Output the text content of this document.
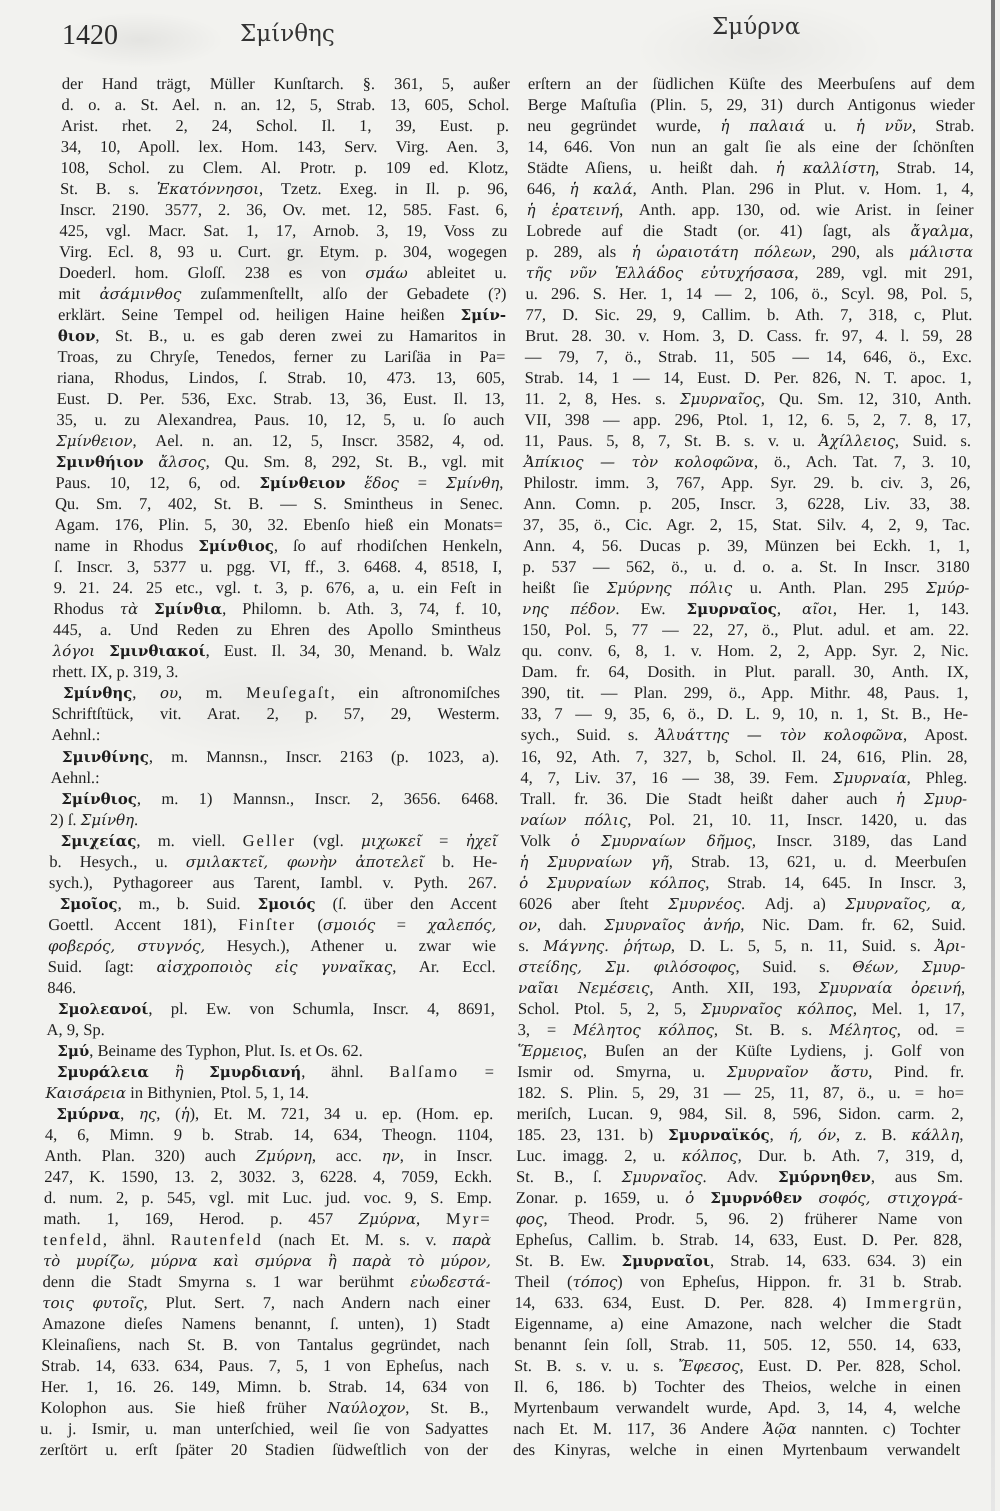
1420	Σμίνθης	Σμύρνα
der Hand trägt, Müller Kunſtarch. §. 361, 5, außer
d. o. a. St. Ael. n. an. 12, 5, Strab. 13, 605, Schol.
Arist. rhet. 2, 24, Schol. Il. 1, 39, Eust. p.
34, 10, Apoll. lex. Hom. 143, Serv. Virg. Aen. 3,
108, Schol. zu Clem. Al. Protr. p. 109 ed. Klotz,
St. B. s. Ἑκατόννησοι, Tzetz. Exeg. in Il. p. 96,
Inscr. 2190. 3577, 2. 36, Ov. met. 12, 585. Fast. 6,
425, vgl. Macr. Sat. 1, 17, Arnob. 3, 19, Voss zu
Virg. Ecl. 8, 93 u. Curt. gr. Etym. p. 304, wogegen
Doederl. hom. Gloſſ. 238 es von σμάω ableitet u.
mit ἀσάμινθος zuſammenſtellt, alſo der Gebadete (?)
erklärt. Seine Tempel od. heiligen Haine heißen Σμίν-
θιον, St. B., u. es gab deren zwei zu Hamaritos in
Troas, zu Chryſe, Tenedos, ferner zu Lariſäa in Pa=
riana, Rhodus, Lindos, ſ. Strab. 10, 473. 13, 605,
Eust. D. Per. 536, Exc. Strab. 13, 36, Eust. Il. 13,
35, u. zu Alexandrea, Paus. 10, 12, 5, u. ſo auch
Σμίνθειον, Ael. n. an. 12, 5, Inscr. 3582, 4, od.
Σμινθήιον ἄλσος, Qu. Sm. 8, 292, St. B., vgl. mit
Paus. 10, 12, 6, od. Σμίνθειον ἕδος = Σμίνθη,
Qu. Sm. 7, 402, St. B. — S. Smintheus in Senec.
Agam. 176, Plin. 5, 30, 32. Ebenſo hieß ein Monats=
name in Rhodus Σμίνθιος, ſo auf rhodiſchen Henkeln,
ſ. Inscr. 3, 5377 u. pgg. VI, ff., 3. 6468. 4, 8518, I,
9. 21. 24. 25 etc., vgl. t. 3, p. 676, a, u. ein Feſt in
Rhodus τὰ Σμίνθια, Philomn. b. Ath. 3, 74, f. 10,
445, a. Und Reden zu Ehren des Apollo Smintheus
λόγοι Σμινθιακοί, Eust. Il. 34, 30, Menand. b. Walz
rhett. IX, p. 319, 3.
Σμίνθης, ου, m. Meuſegaſt, ein aſtronomiſches
Schriftſtück, vit. Arat. 2, p. 57, 29, Westerm.
Aehnl.:
Σμινθίνης, m. Mannsn., Inscr. 2163 (p. 1023, a).
Aehnl.:
Σμίνθιος, m. 1) Mannsn., Inscr. 2, 3656. 6468.
2) ſ. Σμίνθη.
Σμιχείας, m. viell. Geller (vgl. μιχωκεῖ = ἠχεῖ
b. Hesych., u. σμιλακτεῖ, φωνὴν ἀποτελεῖ b. He-
sych.), Pythagoreer aus Tarent, Iambl. v. Pyth. 267.
Σμοῖος, m., b. Suid. Σμοιός (ſ. über den Accent
Goettl. Accent 181), Finſter (σμοιός = χαλεπός,
φοβερός, στυγνός, Hesych.), Athener u. zwar wie
Suid. ſagt: αἰσχροποιὸς εἰς γυναῖκας, Ar. Eccl.
846.
Σμολεανοί, pl. Ew. von Schumla, Inscr. 4, 8691,
A, 9, Sp.
Σμύ, Beiname des Typhon, Plut. Is. et Os. 62.
Σμυράλεια ἢ Σμυρδιανή, ähnl. Balſamo =
Καισάρεια in Bithynien, Ptol. 5, 1, 14.
Σμύρνα, ης, (ἡ), Et. M. 721, 34 u. ep. (Hom. ep.
4, 6, Mimn. 9 b. Strab. 14, 634, Theogn. 1104,
Anth. Plan. 320) auch Ζμύρνη, acc. ην, in Inscr.
247, K. 1590, 13. 2, 3032. 3, 6228. 4, 7059, Eckh.
d. num. 2, p. 545, vgl. mit Luc. jud. voc. 9, S. Emp.
math. 1, 169, Herod. p. 457 Ζμύρνα, Myr=
tenfeld, ähnl. Rautenfeld (nach Et. M. s. v. παρὰ
τὸ μυρίζω, μύρνα καὶ σμύρνα ἢ παρὰ τὸ μύρον,
denn die Stadt Smyrna s. 1 war berühmt εὐωδεστά-
τοις φυτοῖς, Plut. Sert. 7, nach Andern nach einer
Amazone dieſes Namens benannt, ſ. unten), 1) Stadt
Kleinaſiens, nach St. B. von Tantalus gegründet, nach
Strab. 14, 633. 634, Paus. 7, 5, 1 von Epheſus, nach
Her. 1, 16. 26. 149, Mimn. b. Strab. 14, 634 von
Kolophon aus. Sie hieß früher Ναύλοχον, St. B.,
u. j. Ismir, u. man unterſchied, weil ſie von Sadyattes
zerſtört u. erſt ſpäter 20 Stadien ſüdweſtlich von der
erſtern an der ſüdlichen Küſte des Meerbuſens auf dem
Berge Maſtuſia (Plin. 5, 29, 31) durch Antigonus wieder
neu gegründet wurde, ἡ παλαιά u. ἡ νῦν, Strab.
14, 646. Von nun an galt ſie als eine der ſchönſten
Städte Aſiens, u. heißt dah. ἡ καλλίστη, Strab. 14,
646, ἡ καλά, Anth. Plan. 296 in Plut. v. Hom. 1, 4,
ἡ ἐρατεινή, Anth. app. 130, od. wie Arist. in ſeiner
Lobrede auf die Stadt (or. 41) ſagt, als ἄγαλμα,
p. 289, als ἡ ὡραιοτάτη πόλεων, 290, als μάλιστα
τῆς νῦν Ἑλλάδος εὐτυχήσασα, 289, vgl. mit 291,
u. 296. S. Her. 1, 14 — 2, 106, ö., Scyl. 98, Pol. 5,
77, D. Sic. 29, 9, Callim. b. Ath. 7, 318, c, Plut.
Brut. 28. 30. v. Hom. 3, D. Cass. fr. 97, 4. l. 59, 28
— 79, 7, ö., Strab. 11, 505 — 14, 646, ö., Exc.
Strab. 14, 1 — 14, Eust. D. Per. 826, N. T. apoc. 1,
11. 2, 8, Hes. s. Σμυρναῖος, Qu. Sm. 12, 310, Anth.
VII, 398 — app. 296, Ptol. 1, 12, 6. 5, 2, 7. 8, 17,
11, Paus. 5, 8, 7, St. B. s. v. u. Ἀχίλλειος, Suid. s.
Ἀπίκιος — τὸν κολοφῶνα, ö., Ach. Tat. 7, 3. 10,
Philostr. imm. 3, 767, App. Syr. 29. b. civ. 3, 26,
Ann. Comn. p. 205, Inscr. 3, 6228, Liv. 33, 38.
37, 35, ö., Cic. Agr. 2, 15, Stat. Silv. 4, 2, 9, Tac.
Ann. 4, 56. Ducas p. 39, Münzen bei Eckh. 1, 1,
p. 537 — 562, ö., u. d. o. a. St. In Inscr. 3180
heißt ſie Σμύρνης πόλις u. Anth. Plan. 295 Σμύρ-
νης πέδον. Ew. Σμυρναῖος, αῖοι, Her. 1, 143.
150, Pol. 5, 77 — 22, 27, ö., Plut. adul. et am. 22.
qu. conv. 6, 8, 1. v. Hom. 2, 2, App. Syr. 2, Nic.
Dam. fr. 64, Dosith. in Plut. parall. 30, Anth. IX,
390, tit. — Plan. 299, ö., App. Mithr. 48, Paus. 1,
33, 7 — 9, 35, 6, ö., D. L. 9, 10, n. 1, St. B., He-
sych., Suid. s. Ἀλυάττης — τὸν κολοφῶνα, Apost.
16, 92, Ath. 7, 327, b, Schol. Il. 24, 616, Plin. 28,
4, 7, Liv. 37, 16 — 38, 39. Fem. Σμυρναία, Phleg.
Trall. fr. 36. Die Stadt heißt daher auch ἡ Σμυρ-
ναίων πόλις, Pol. 21, 10. 11, Inscr. 1420, u. das
Volk ὁ Σμυρναίων δῆμος, Inscr. 3189, das Land
ἡ Σμυρναίων γῆ, Strab. 13, 621, u. d. Meerbuſen
ὁ Σμυρναίων κόλπος, Strab. 14, 645. In Inscr. 3,
6026 aber ſteht Σμυρνέος. Adj. a) Σμυρναῖος, α,
ον, dah. Σμυρναῖος ἀνήρ, Nic. Dam. fr. 62, Suid.
s. Μάγνης. ῥήτωρ, D. L. 5, 5, n. 11, Suid. s. Ἀρι-
στείδης, Σμ. φιλόσοφος, Suid. s. Θέων, Σμυρ-
ναῖαι Νεμέσεις, Anth. XII, 193, Σμυρναία ὀρεινή,
Schol. Ptol. 5, 2, 5, Σμυρναῖος κόλπος, Mel. 1, 17,
3, = Μέλητος κόλπος, St. B. s. Μέλητος, od. =
Ἕρμειος, Buſen an der Küſte Lydiens, j. Golf von
Ismir od. Smyrna, u. Σμυρναῖον ἄστυ, Pind. fr.
182. S. Plin. 5, 29, 31 — 25, 11, 87, ö., u. = ho=
meriſch, Lucan. 9, 984, Sil. 8, 596, Sidon. carm. 2,
185. 23, 131. b) Σμυρναϊκός, ή, όν, z. B. κάλλη,
Luc. imagg. 2, u. κόλπος, Dur. b. Ath. 7, 319, d,
St. B., ſ. Σμυρναῖος. Adv. Σμύρνηθεν, aus Sm.
Zonar. p. 1659, u. ὁ Σμυρνόθεν σοφός, στιχογρά-
φος, Theod. Prodr. 5, 96. 2) früherer Name von
Epheſus, Callim. b. Strab. 14, 633, Eust. D. Per. 828,
St. B. Ew. Σμυρναῖοι, Strab. 14, 633. 634. 3) ein
Theil (τόπος) von Epheſus, Hippon. fr. 31 b. Strab.
14, 633. 634, Eust. D. Per. 828. 4) Immergrün,
Eigenname, a) eine Amazone, nach welcher die Stadt
benannt ſein ſoll, Strab. 11, 505. 12, 550. 14, 633,
St. B. s. v. u. s. Ἔφεσος, Eust. D. Per. 828, Schol.
Il. 6, 186. b) Tochter des Theios, welche in einen
Myrtenbaum verwandelt wurde, Apd. 3, 14, 4, welche
nach Et. M. 117, 36 Andere Ἀῷα nannten. c) Tochter
des Kinyras, welche in einen Myrtenbaum verwandelt
